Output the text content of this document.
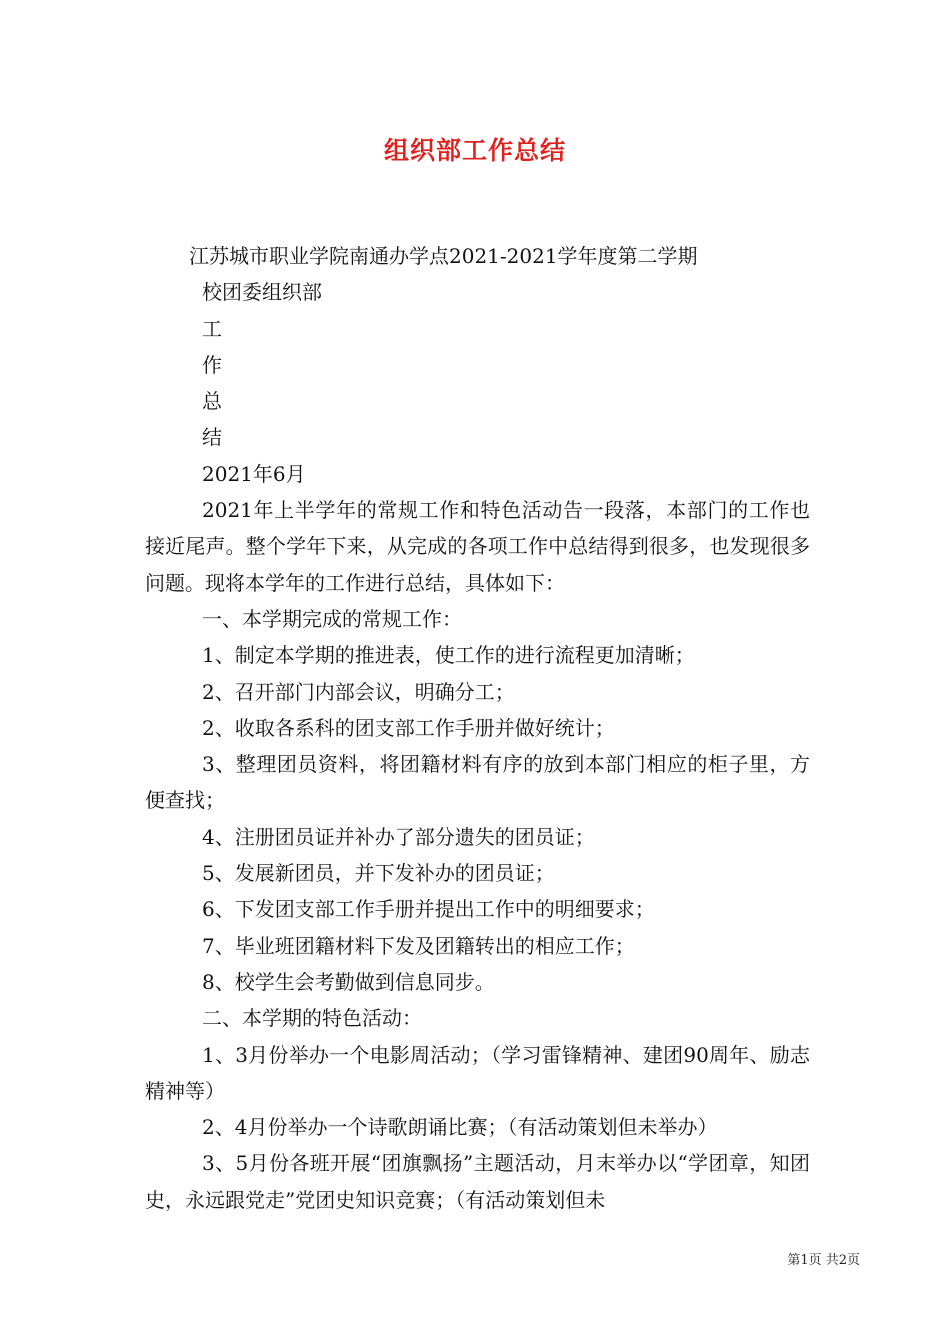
组织部工作总结
江苏城市职业学院南通办学点2021-2021学年度第二学期
校团委组织部
工
作
总
结
2021年6月
2021年上半学年的常规工作和特色活动告一段落，本部门的工作也接近尾声。整个学年下来，从完成的各项工作中总结得到很多，也发现很多问题。现将本学年的工作进行总结，具体如下：
一、本学期完成的常规工作：
1、制定本学期的推进表，使工作的进行流程更加清晰；
2、召开部门内部会议，明确分工；
2、收取各系科的团支部工作手册并做好统计；
3、整理团员资料，将团籍材料有序的放到本部门相应的柜子里，方便查找；
4、注册团员证并补办了部分遗失的团员证；
5、发展新团员，并下发补办的团员证；
6、下发团支部工作手册并提出工作中的明细要求；
7、毕业班团籍材料下发及团籍转出的相应工作；
8、校学生会考勤做到信息同步。
二、本学期的特色活动：
1、3月份举办一个电影周活动；（学习雷锋精神、建团90周年、励志精神等）
2、4月份举办一个诗歌朗诵比赛；（有活动策划但未举办）
3、5月份各班开展“团旗飘扬”主题活动，月末举办以“学团章，知团史，永远跟党走”党团史知识竞赛；（有活动策划但未
第1页 共2页
